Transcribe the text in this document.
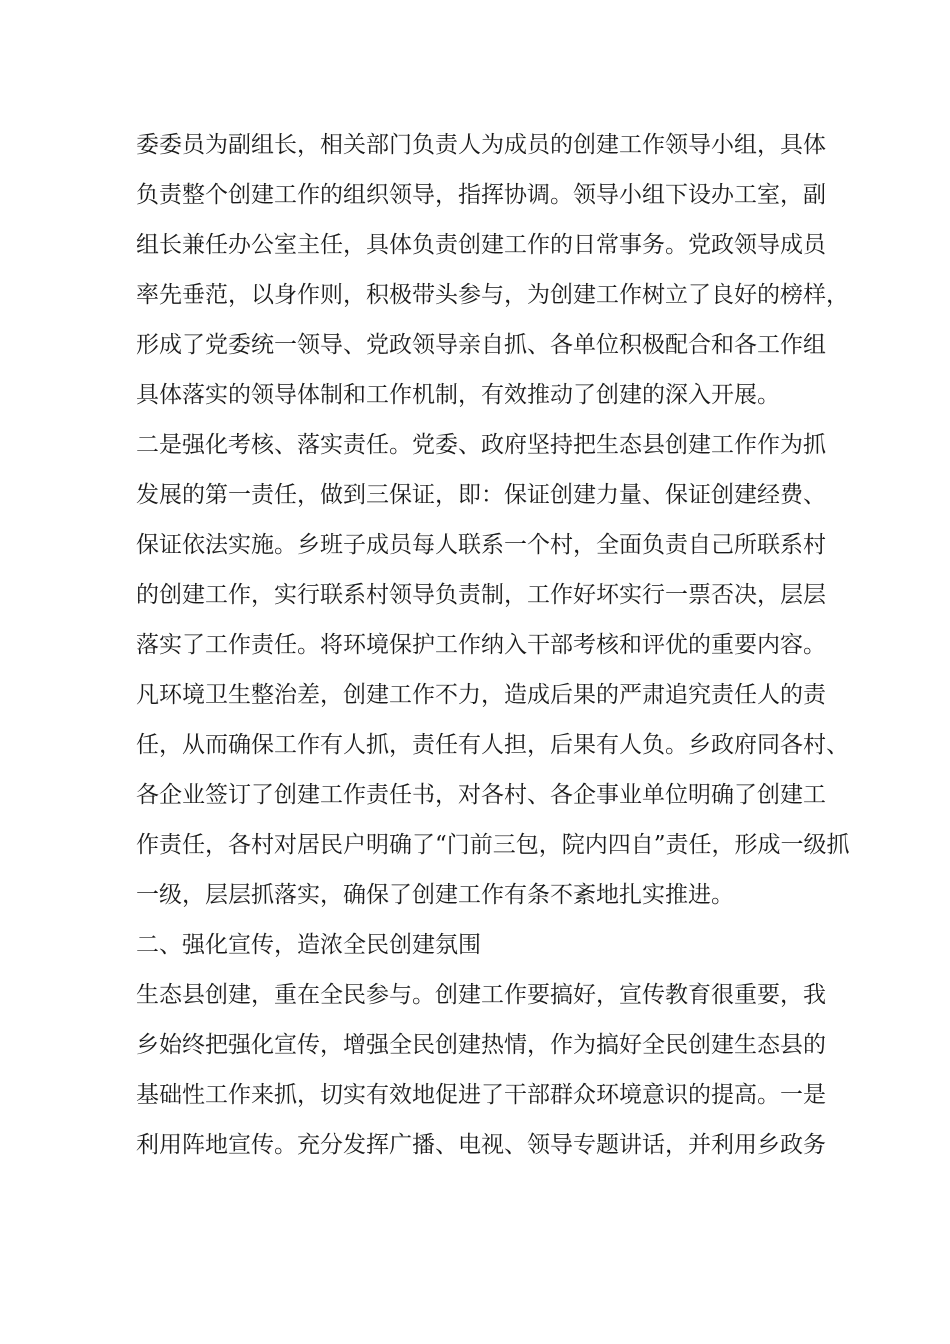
委委员为副组长，相关部门负责人为成员的创建工作领导小组，具体
负责整个创建工作的组织领导，指挥协调。领导小组下设办工室，副
组长兼任办公室主任，具体负责创建工作的日常事务。党政领导成员
率先垂范，以身作则，积极带头参与，为创建工作树立了良好的榜样，
形成了党委统一领导、党政领导亲自抓、各单位积极配合和各工作组
具体落实的领导体制和工作机制，有效推动了创建的深入开展。
二是强化考核、落实责任。党委、政府坚持把生态县创建工作作为抓
发展的第一责任，做到三保证，即：保证创建力量、保证创建经费、
保证依法实施。乡班子成员每人联系一个村，全面负责自己所联系村
的创建工作，实行联系村领导负责制，工作好坏实行一票否决，层层
落实了工作责任。将环境保护工作纳入干部考核和评优的重要内容。
凡环境卫生整治差，创建工作不力，造成后果的严肃追究责任人的责
任，从而确保工作有人抓，责任有人担，后果有人负。乡政府同各村、
各企业签订了创建工作责任书，对各村、各企事业单位明确了创建工
作责任，各村对居民户明确了“门前三包，院内四自”责任，形成一级抓
一级，层层抓落实，确保了创建工作有条不紊地扎实推进。
二、强化宣传，造浓全民创建氛围
生态县创建，重在全民参与。创建工作要搞好，宣传教育很重要，我
乡始终把强化宣传，增强全民创建热情，作为搞好全民创建生态县的
基础性工作来抓，切实有效地促进了干部群众环境意识的提高。一是
利用阵地宣传。充分发挥广播、电视、领导专题讲话，并利用乡政务
